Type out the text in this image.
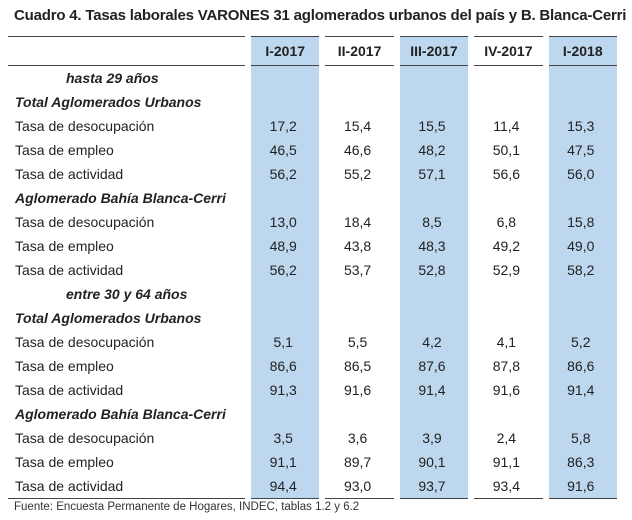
Cuadro 4. Tasas laborales VARONES 31 aglomerados urbanos del país y B. Blanca-Cerri
	I-2017	II-2017	III-2017	IV-2017	I-2018
hasta 29 años					
Total Aglomerados Urbanos					
Tasa de desocupación	17,2	15,4	15,5	11,4	15,3
Tasa de empleo	46,5	46,6	48,2	50,1	47,5
Tasa de actividad	56,2	55,2	57,1	56,6	56,0
Aglomerado Bahía Blanca-Cerri					
Tasa de desocupación	13,0	18,4	8,5	6,8	15,8
Tasa de empleo	48,9	43,8	48,3	49,2	49,0
Tasa de actividad	56,2	53,7	52,8	52,9	58,2
entre 30 y 64 años					
Total Aglomerados Urbanos					
Tasa de desocupación	5,1	5,5	4,2	4,1	5,2
Tasa de empleo	86,6	86,5	87,6	87,8	86,6
Tasa de actividad	91,3	91,6	91,4	91,6	91,4
Aglomerado Bahía Blanca-Cerri					
Tasa de desocupación	3,5	3,6	3,9	2,4	5,8
Tasa de empleo	91,1	89,7	90,1	91,1	86,3
Tasa de actividad	94,4	93,0	93,7	93,4	91,6
Fuente: Encuesta Permanente de Hogares, INDEC, tablas 1.2 y 6.2
